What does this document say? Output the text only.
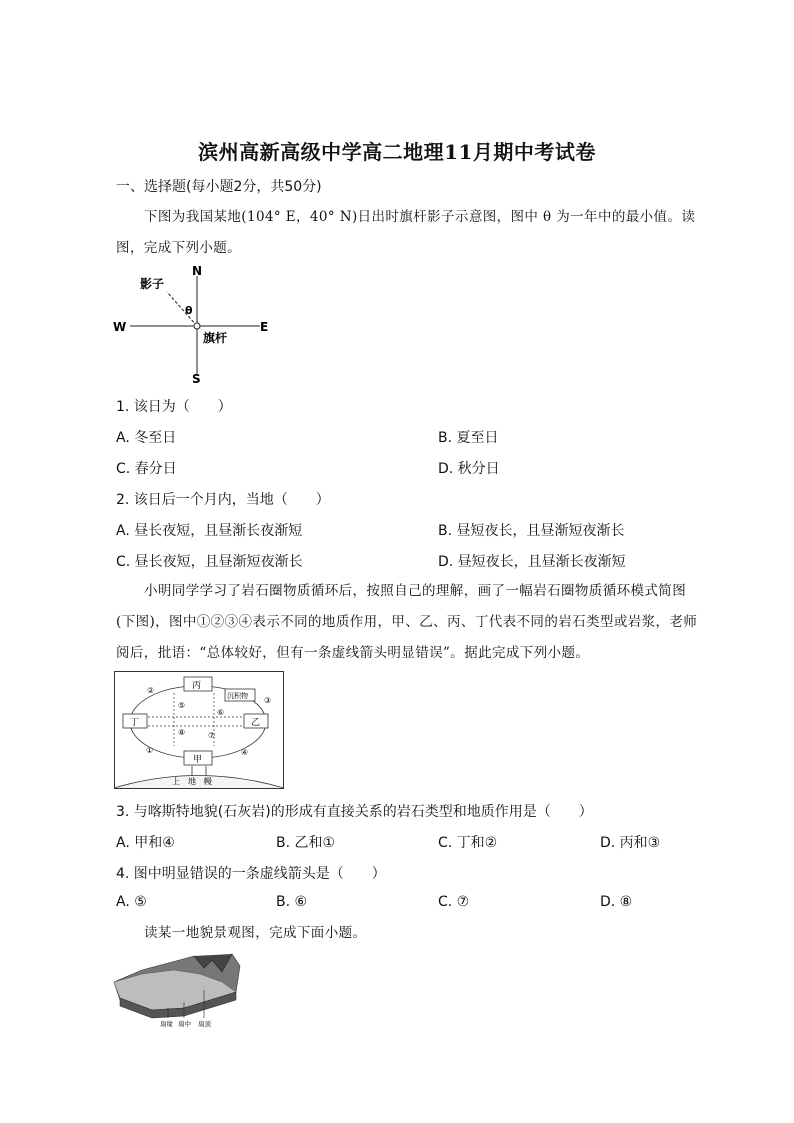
滨州高新高级中学高二地理11月期中考试卷
一、选择题(每小题2分，共50分)
下图为我国某地(104° E，40° N)日出时旗杆影子示意图，图中 θ 为一年中的最小值。读图，完成下列小题。
N
S
W	E
影子
θ
旗杆
1. 该日为（　　）
A. 冬至日	B. 夏至日
C. 春分日	D. 秋分日
2. 该日后一个月内，当地（　　）
A. 昼长夜短，且昼渐长夜渐短	B. 昼短夜长，且昼渐短夜渐长
C. 昼长夜短，且昼渐短夜渐长	D. 昼短夜长，且昼渐长夜渐短
小明同学学习了岩石圈物质循环后，按照自己的理解，画了一幅岩石圈物质循环模式简图(下图)，图中①②③④表示不同的地质作用，甲、乙、丙、丁代表不同的岩石类型或岩浆，老师阅后，批语：“总体较好，但有一条虚线箭头明显错误”。据此完成下列小题。
丙
丁	乙
甲
沉积物
①
②
③
④
⑤
⑥
⑦
⑧
上　地　幔
3. 与喀斯特地貌(石灰岩)的形成有直接关系的岩石类型和地质作用是（　　）
A. 甲和④	B. 乙和①	C. 丁和②	D. 丙和③
4. 图中明显错误的一条虚线箭头是（　　）
A. ⑤	B. ⑥	C. ⑦	D. ⑧
读某一地貌景观图，完成下面小题。
扇缘 扇中 扇顶
